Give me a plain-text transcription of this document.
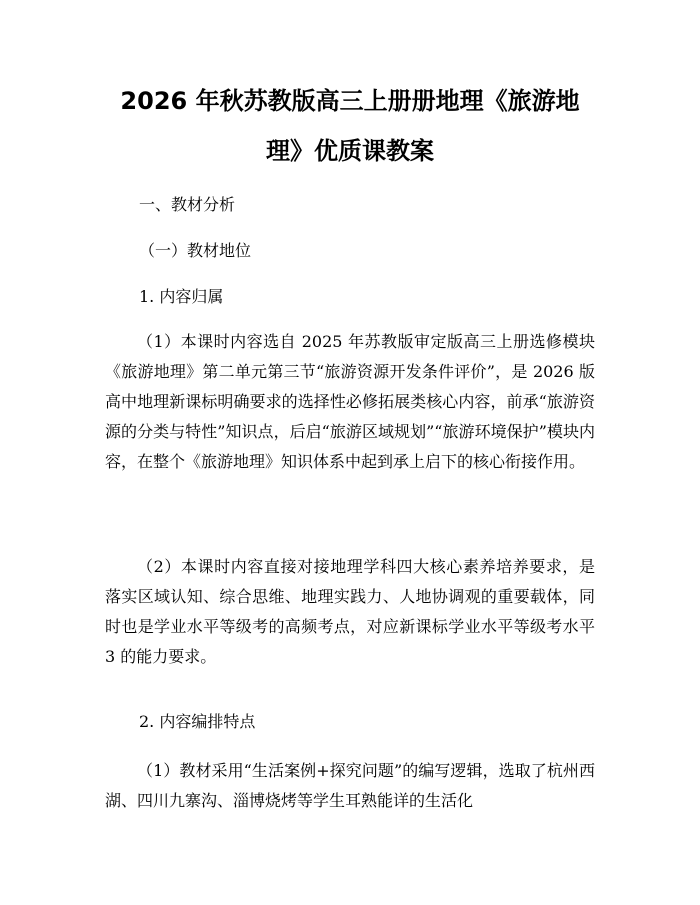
2026 年秋苏教版高三上册册地理《旅游地
理》优质课教案
一、教材分析
（一）教材地位
1. 内容归属

（1）本课时内容选自 2025 年苏教版审定版高三上册选修模块《旅游地理》第二单元第三节“旅游资源开发条件评价”，是 2026 版高中地理新课标明确要求的选择性必修拓展类核心内容，前承“旅游资源的分类与特性”知识点，后启“旅游区域规划”“旅游环境保护”模块内容，在整个《旅游地理》知识体系中起到承上启下的核心衔接作用。

（2）本课时内容直接对接地理学科四大核心素养培养要求，是落实区域认知、综合思维、地理实践力、人地协调观的重要载体，同时也是学业水平等级考的高频考点，对应新课标学业水平等级考水平 3 的能力要求。

2. 内容编排特点

（1）教材采用“生活案例+探究问题”的编写逻辑，选取了杭州西湖、四川九寨沟、淄博烧烤等学生耳熟能详的生活化
